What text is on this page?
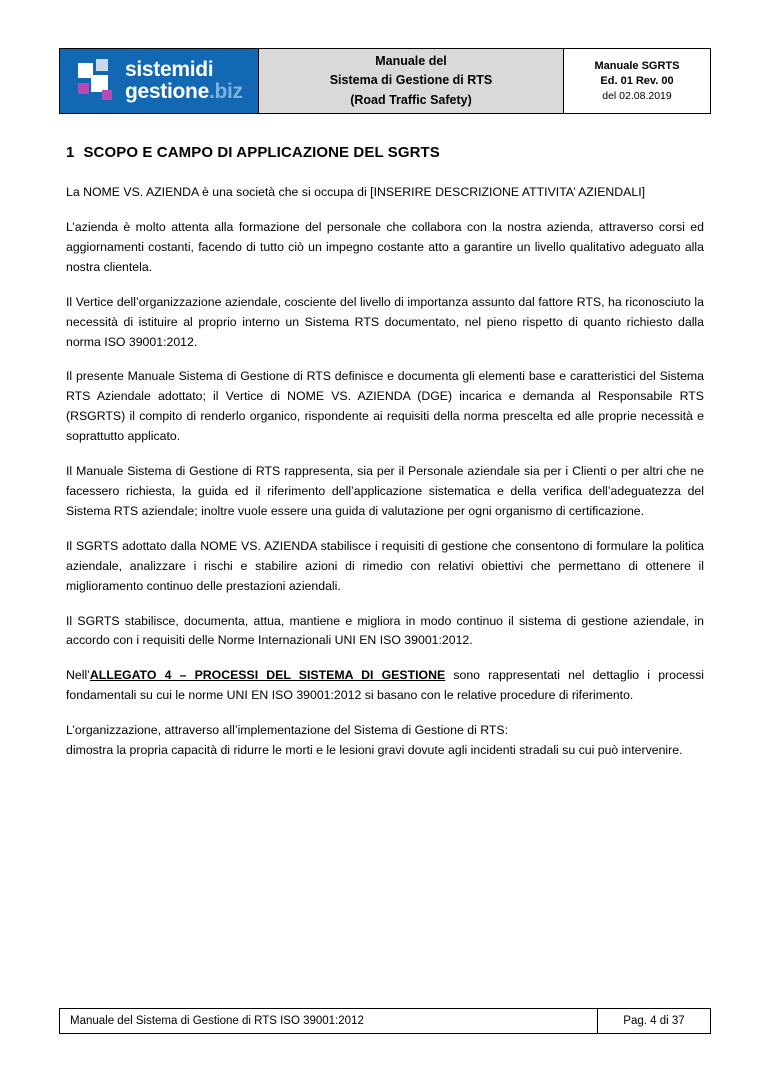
sistemidi
gestione.biz
Manuale del
Sistema di Gestione di RTS
(Road Traffic Safety)
Manuale SGRTS
Ed. 01 Rev. 00
del 02.08.2019
1 SCOPO E CAMPO DI APPLICAZIONE DEL SGRTS

La NOME VS. AZIENDA è una società che si occupa di [INSERIRE DESCRIZIONE ATTIVITA’ AZIENDALI]

L’azienda è molto attenta alla formazione del personale che collabora con la nostra azienda, attraverso corsi ed aggiornamenti costanti, facendo di tutto ciò un impegno costante atto a garantire un livello qualitativo adeguato alla nostra clientela.

Il Vertice dell’organizzazione aziendale, cosciente del livello di importanza assunto dal fattore RTS, ha riconosciuto la necessità di istituire al proprio interno un Sistema RTS documentato, nel pieno rispetto di quanto richiesto dalla norma ISO 39001:2012.

Il presente Manuale Sistema di Gestione di RTS definisce e documenta gli elementi base e caratteristici del Sistema RTS Aziendale adottato; il Vertice di NOME VS. AZIENDA (DGE) incarica e demanda al Responsabile RTS (RSGRTS) il compito di renderlo organico, rispondente ai requisiti della norma prescelta ed alle proprie necessità e soprattutto applicato.

Il Manuale Sistema di Gestione di RTS rappresenta, sia per il Personale aziendale sia per i Clienti o per altri che ne facessero richiesta, la guida ed il riferimento dell’applicazione sistematica e della verifica dell’adeguatezza del Sistema RTS aziendale; inoltre vuole essere una guida di valutazione per ogni organismo di certificazione.

Il SGRTS adottato dalla NOME VS. AZIENDA stabilisce i requisiti di gestione che consentono di formulare la politica aziendale, analizzare i rischi e stabilire azioni di rimedio con relativi obiettivi che permettano di ottenere il miglioramento continuo delle prestazioni aziendali.

Il SGRTS stabilisce, documenta, attua, mantiene e migliora in modo continuo il sistema di gestione aziendale, in accordo con i requisiti delle Norme Internazionali UNI EN ISO 39001:2012.

Nell’ALLEGATO 4 – PROCESSI DEL SISTEMA DI GESTIONE sono rappresentati nel dettaglio i processi fondamentali su cui le norme UNI EN ISO 39001:2012 si basano con le relative procedure di riferimento.

L’organizzazione, attraverso all’implementazione del Sistema di Gestione di RTS:
dimostra la propria capacità di ridurre le morti e le lesioni gravi dovute agli incidenti stradali su cui può intervenire.

Manuale del Sistema di Gestione di RTS ISO 39001:2012	Pag. 4 di 37
